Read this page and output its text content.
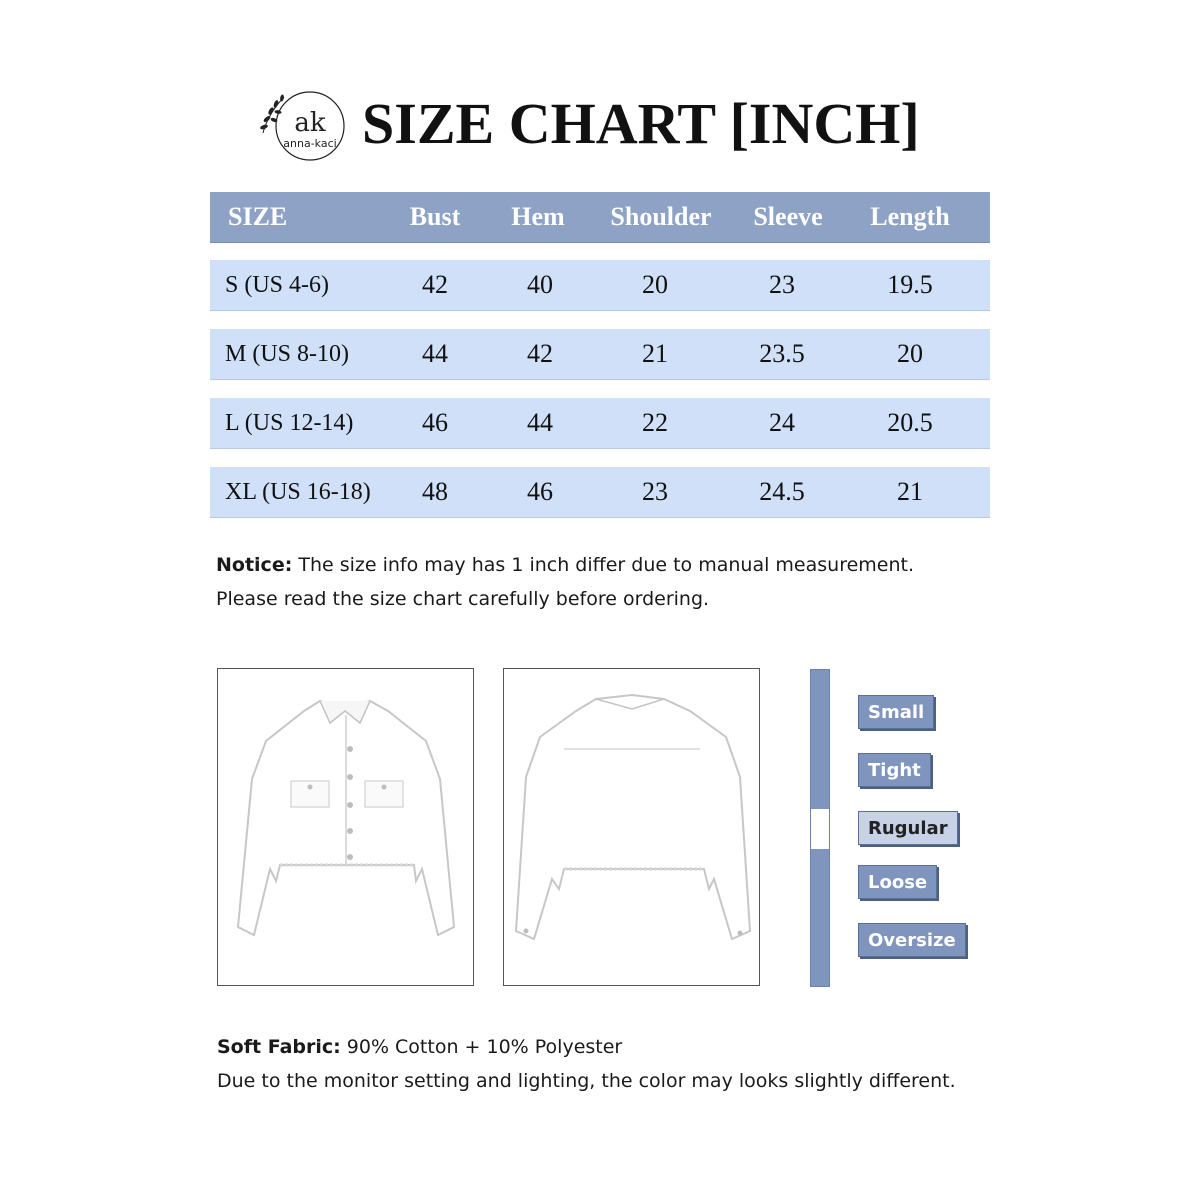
ak
anna-kaci SIZE CHART [INCH]
SIZE	Bust	Hem	Shoulder	Sleeve	Length
S (US 4-6)	42	40	20	23	19.5
M (US 8-10)	44	42	21	23.5	20
L (US 12-14)	46	44	22	24	20.5
XL (US 16-18)	48	46	23	24.5	21
Notice: The size info may has 1 inch differ due to manual measurement.
Please read the size chart carefully before ordering.
Small
Tight
Rugular
Loose
Oversize
Soft Fabric: 90% Cotton + 10% Polyester
Due to the monitor setting and lighting, the color may looks slightly different.
